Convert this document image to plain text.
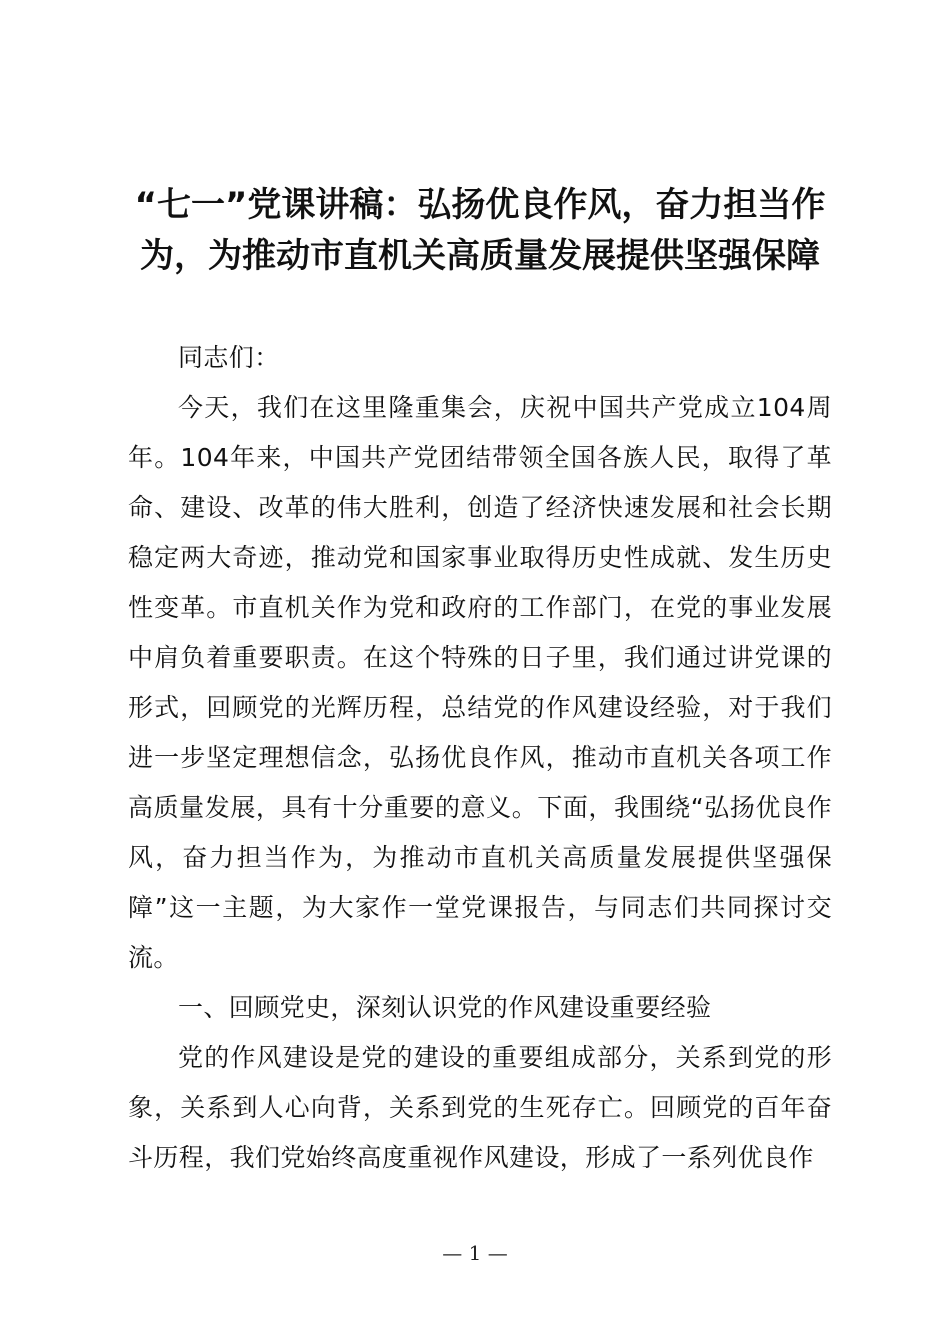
“七一”党课讲稿：弘扬优良作风，奋力担当作为，为推动市直机关高质量发展提供坚强保障

同志们：

今天，我们在这里隆重集会，庆祝中国共产党成立104周年。104年来，中国共产党团结带领全国各族人民，取得了革命、建设、改革的伟大胜利，创造了经济快速发展和社会长期稳定两大奇迹，推动党和国家事业取得历史性成就、发生历史性变革。市直机关作为党和政府的工作部门，在党的事业发展中肩负着重要职责。在这个特殊的日子里，我们通过讲党课的形式，回顾党的光辉历程，总结党的作风建设经验，对于我们进一步坚定理想信念，弘扬优良作风，推动市直机关各项工作高质量发展，具有十分重要的意义。下面，我围绕“弘扬优良作风，奋力担当作为，为推动市直机关高质量发展提供坚强保障”这一主题，为大家作一堂党课报告，与同志们共同探讨交流。

一、回顾党史，深刻认识党的作风建设重要经验

党的作风建设是党的建设的重要组成部分，关系到党的形象，关系到人心向背，关系到党的生死存亡。回顾党的百年奋斗历程，我们党始终高度重视作风建设，形成了一系列优良作

— 1 —
